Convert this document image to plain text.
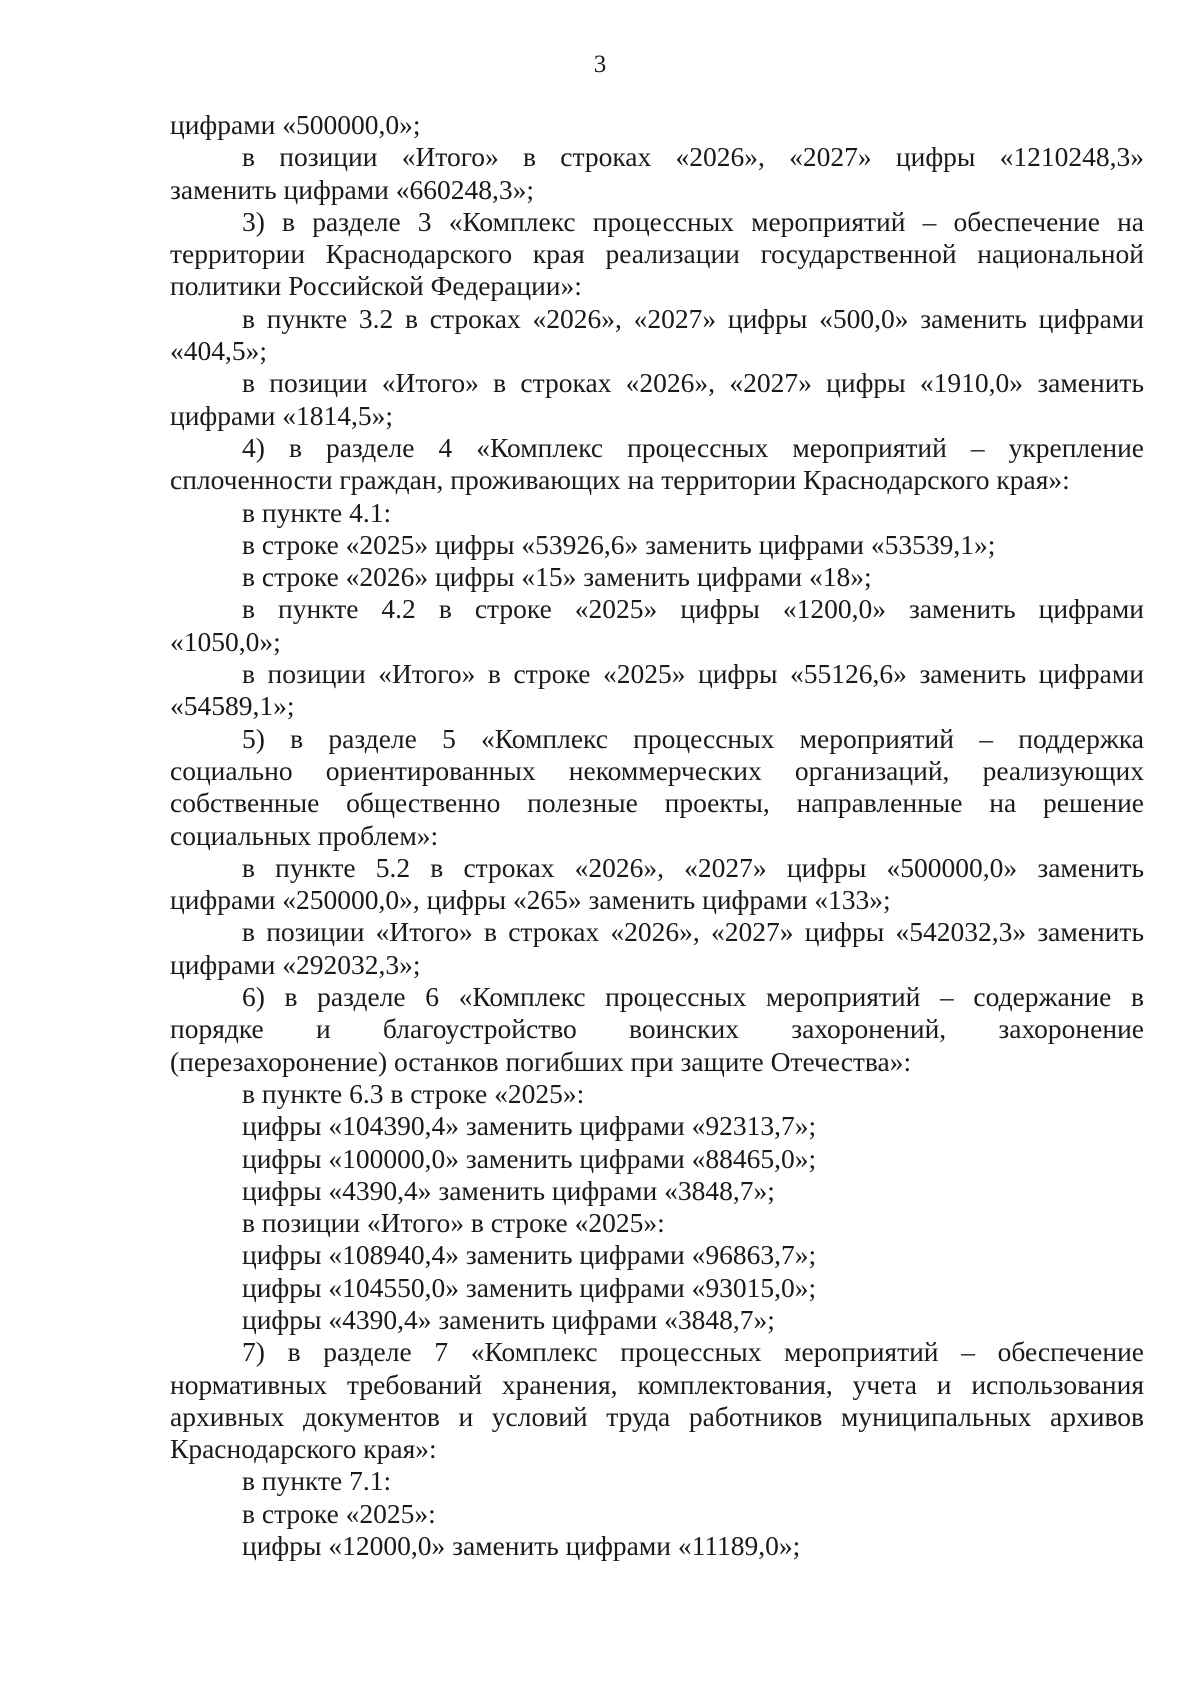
3
цифрами «500000,0»;
в позиции «Итого» в строках «2026», «2027» цифры «1210248,3»
заменить цифрами «660248,3»;
3) в разделе 3 «Комплекс процессных мероприятий – обеспечение на
территории Краснодарского края реализации государственной национальной
политики Российской Федерации»:
в пункте 3.2 в строках «2026», «2027» цифры «500,0» заменить цифрами
«404,5»;
в позиции «Итого» в строках «2026», «2027» цифры «1910,0» заменить
цифрами «1814,5»;
4) в разделе 4 «Комплекс процессных мероприятий – укрепление
сплоченности граждан, проживающих на территории Краснодарского края»:
в пункте 4.1:
в строке «2025» цифры «53926,6» заменить цифрами «53539,1»;
в строке «2026» цифры «15» заменить цифрами «18»;
в пункте 4.2 в строке «2025» цифры «1200,0» заменить цифрами
«1050,0»;
в позиции «Итого» в строке «2025» цифры «55126,6» заменить цифрами
«54589,1»;
5) в разделе 5 «Комплекс процессных мероприятий – поддержка
социально ориентированных некоммерческих организаций, реализующих
собственные общественно полезные проекты, направленные на решение
социальных проблем»:
в пункте 5.2 в строках «2026», «2027» цифры «500000,0» заменить
цифрами «250000,0», цифры «265» заменить цифрами «133»;
в позиции «Итого» в строках «2026», «2027» цифры «542032,3» заменить
цифрами «292032,3»;
6) в разделе 6 «Комплекс процессных мероприятий – содержание в
порядке и благоустройство воинских захоронений, захоронение
(перезахоронение) останков погибших при защите Отечества»:
в пункте 6.3 в строке «2025»:
цифры «104390,4» заменить цифрами «92313,7»;
цифры «100000,0» заменить цифрами «88465,0»;
цифры «4390,4» заменить цифрами «3848,7»;
в позиции «Итого» в строке «2025»:
цифры «108940,4» заменить цифрами «96863,7»;
цифры «104550,0» заменить цифрами «93015,0»;
цифры «4390,4» заменить цифрами «3848,7»;
7) в разделе 7 «Комплекс процессных мероприятий – обеспечение
нормативных требований хранения, комплектования, учета и использования
архивных документов и условий труда работников муниципальных архивов
Краснодарского края»:
в пункте 7.1:
в строке «2025»:
цифры «12000,0» заменить цифрами «11189,0»;
